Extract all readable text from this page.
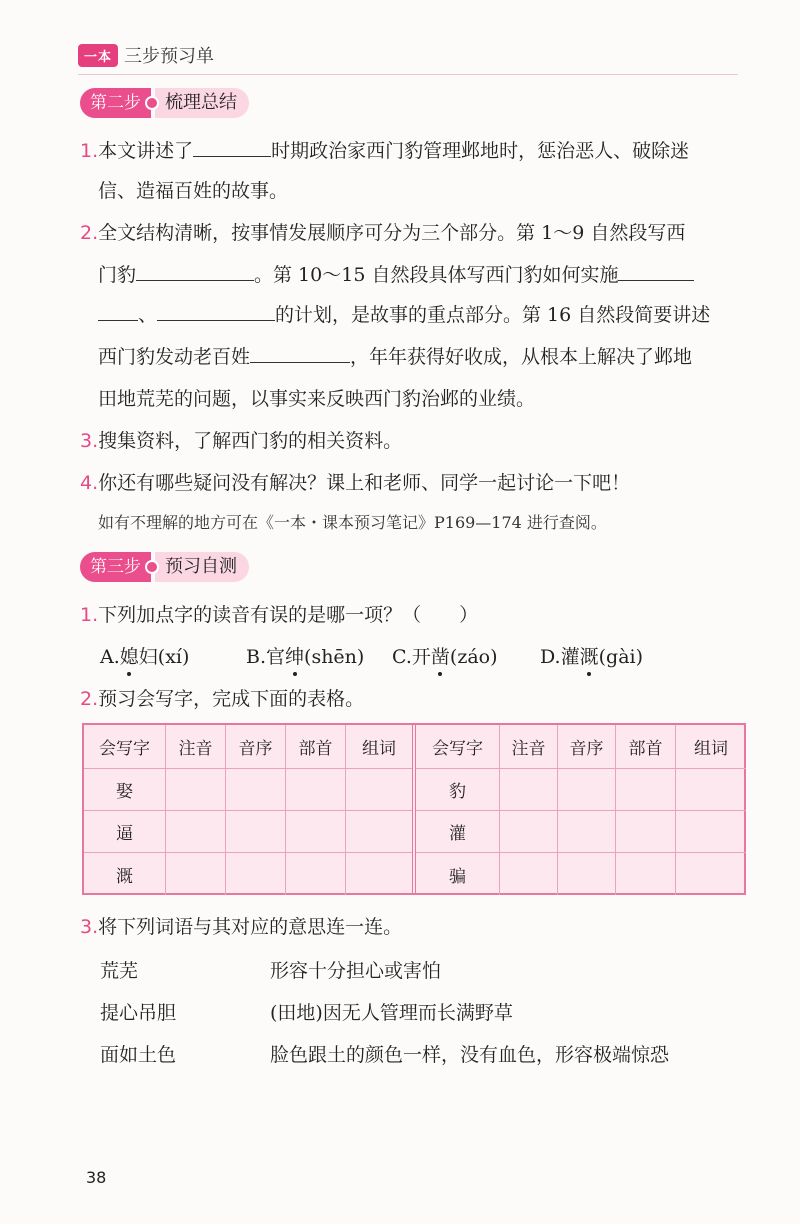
一本 三步预习单
第二步	梳理总结
1.本文讲述了	时期政治家西门豹管理邺地时，惩治恶人、破除迷
信、造福百姓的故事。
2.全文结构清晰，按事情发展顺序可分为三个部分。第 1～9 自然段写西
门豹	。第 10～15 自然段具体写西门豹如何实施
、	的计划，是故事的重点部分。第 16 自然段简要讲述
西门豹发动老百姓	，年年获得好收成，从根本上解决了邺地
田地荒芜的问题，以事实来反映西门豹治邺的业绩。
3.搜集资料，了解西门豹的相关资料。
4.你还有哪些疑问没有解决？课上和老师、同学一起讨论一下吧！
如有不理解的地方可在《一本・课本预习笔记》P169—174 进行查阅。
第三步	预习自测
1.下列加点字的读音有误的是哪一项？（　　）
A.媳妇(xí)	B.官绅(shēn) C.开凿(záo) D.灌溉(gài)
2.预习会写字，完成下面的表格。
会写字	注音	音序	部首	组词
娶
逼
溉
会写字	注音	音序	部首	组词
豹
灌
骗
3.将下列词语与其对应的意思连一连。
荒芜	形容十分担心或害怕
提心吊胆	(田地)因无人管理而长满野草
面如土色	脸色跟土的颜色一样，没有血色，形容极端惊恐
38
